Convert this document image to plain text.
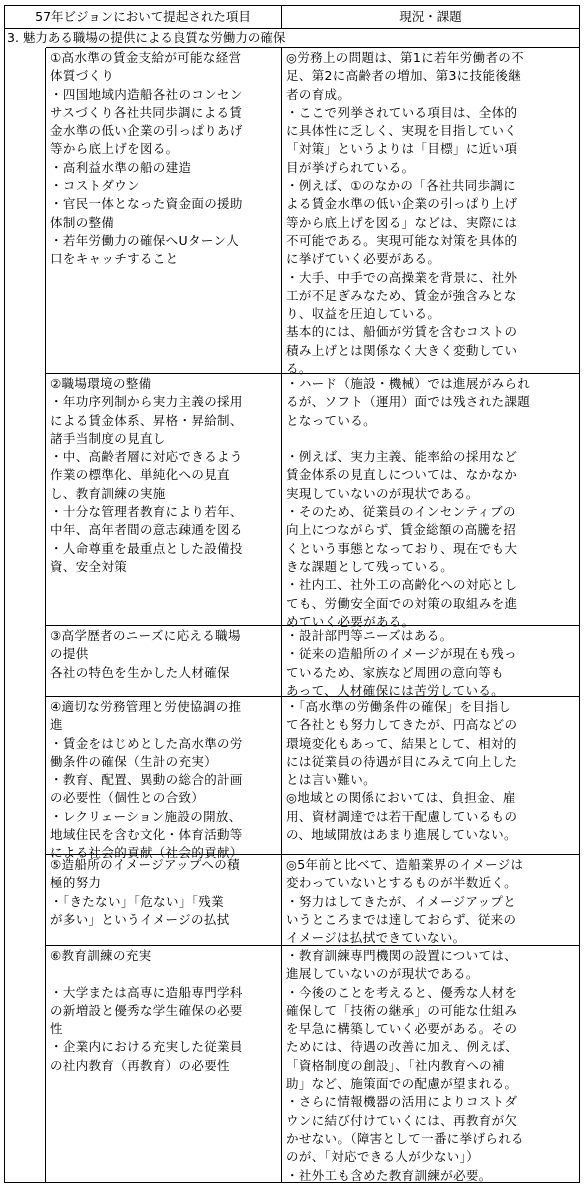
57年ビジョンにおいて提起された項目	現況・課題
3. 魅力ある職場の提供による良質な労働力の確保
①高水準の賃金支給が可能な経営
体質づくり
・四国地域内造船各社のコンセン
サスづくり各社共同歩調による賃
金水準の低い企業の引っぱりあげ
等から底上げを図る。
・高利益水準の船の建造
・コストダウン
・官民一体となった資金面の援助
体制の整備
・若年労働力の確保へUターン人
口をキャッチすること
◎労務上の問題は、第1に若年労働者の不
足、第2に高齢者の増加、第3に技能後継
者の育成。
・ここで列挙されている項目は、全体的
に具体性に乏しく、実現を目指していく
「対策」というよりは「目標」に近い項
目が挙げられている。
・例えば、①のなかの「各社共同歩調に
よる賃金水準の低い企業の引っぱり上げ
等から底上げを図る」などは、実際には
不可能である。実現可能な対策を具体的
に挙げていく必要がある。
・大手、中手での高操業を背景に、社外
工が不足ぎみなため、賃金が強含みとな
り、収益を圧迫している。
基本的には、船価が労賃を含むコストの
積み上げとは関係なく大きく変動してい
る。
②職場環境の整備
・年功序列制から実力主義の採用
による賃金体系、昇格・昇給制、
諸手当制度の見直し
・中、高齢者層に対応できるよう
作業の標準化、単純化への見直
し、教育訓練の実施
・十分な管理者教育により若年、
中年、高年者間の意志疎通を図る
・人命尊重を最重点とした設備投
資、安全対策
・ハード（施設・機械）では進展がみられ
るが、ソフト（運用）面では残された課題
となっている。
・例えば、実力主義、能率給の採用など
賃金体系の見直しについては、なかなか
実現していないのが現状である。
・そのため、従業員のインセンティブの
向上につながらず、賃金総額の高騰を招
くという事態となっており、現在でも大
きな課題として残っている。
・社内工、社外工の高齢化への対応とし
ても、労働安全面での対策の取組みを進
めていく必要がある。
③高学歴者のニーズに応える職場
の提供
各社の特色を生かした人材確保
・設計部門等ニーズはある。
・従来の造船所のイメージが現在も残っ
ているため、家族など周囲の意向等も
あって、人材確保には苦労している。
④適切な労務管理と労使協調の推
進
・賃金をはじめとした高水準の労
働条件の確保（生計の充実）
・教育、配置、異動の総合的計画
の必要性（個性との合致）
・レクリェーション施設の開放、
地域住民を含む文化・体育活動等
による社会的貢献（社会的貢献）
・「高水準の労働条件の確保」を目指し
て各社とも努力してきたが、円高などの
環境変化もあって、結果として、相対的
には従業員の待遇が目にみえて向上した
とは言い難い。
◎地域との関係においては、負担金、雇
用、資材調達では若干配慮しているもの
の、地域開放はあまり進展していない。
⑤造船所のイメージアップへの積
極的努力
・「きたない」「危ない」「残業
が多い」というイメージの払拭
◎5年前と比べて、造船業界のイメージは
変わっていないとするものが半数近く。
・努力はしてきたが、イメージアップと
いうところまでは達しておらず、従来の
イメージは払拭できていない。
⑥教育訓練の充実
・大学または高専に造船専門学科
の新増設と優秀な学生確保の必要
性
・企業内における充実した従業員
の社内教育（再教育）の必要性
・教育訓練専門機関の設置については、
進展していないのが現状である。
・今後のことを考えると、優秀な人材を
確保して「技術の継承」の可能な仕組み
を早急に構築していく必要がある。その
ためには、待遇の改善に加え、例えば、
「資格制度の創設」、「社内教育への補
助」など、施策面での配慮が望まれる。
・さらに情報機器の活用によりコストダ
ウンに結び付けていくには、再教育が欠
かせない。（障害として一番に挙げられる
のが、「対応できる人が少ない」）
・社外工も含めた教育訓練が必要。
